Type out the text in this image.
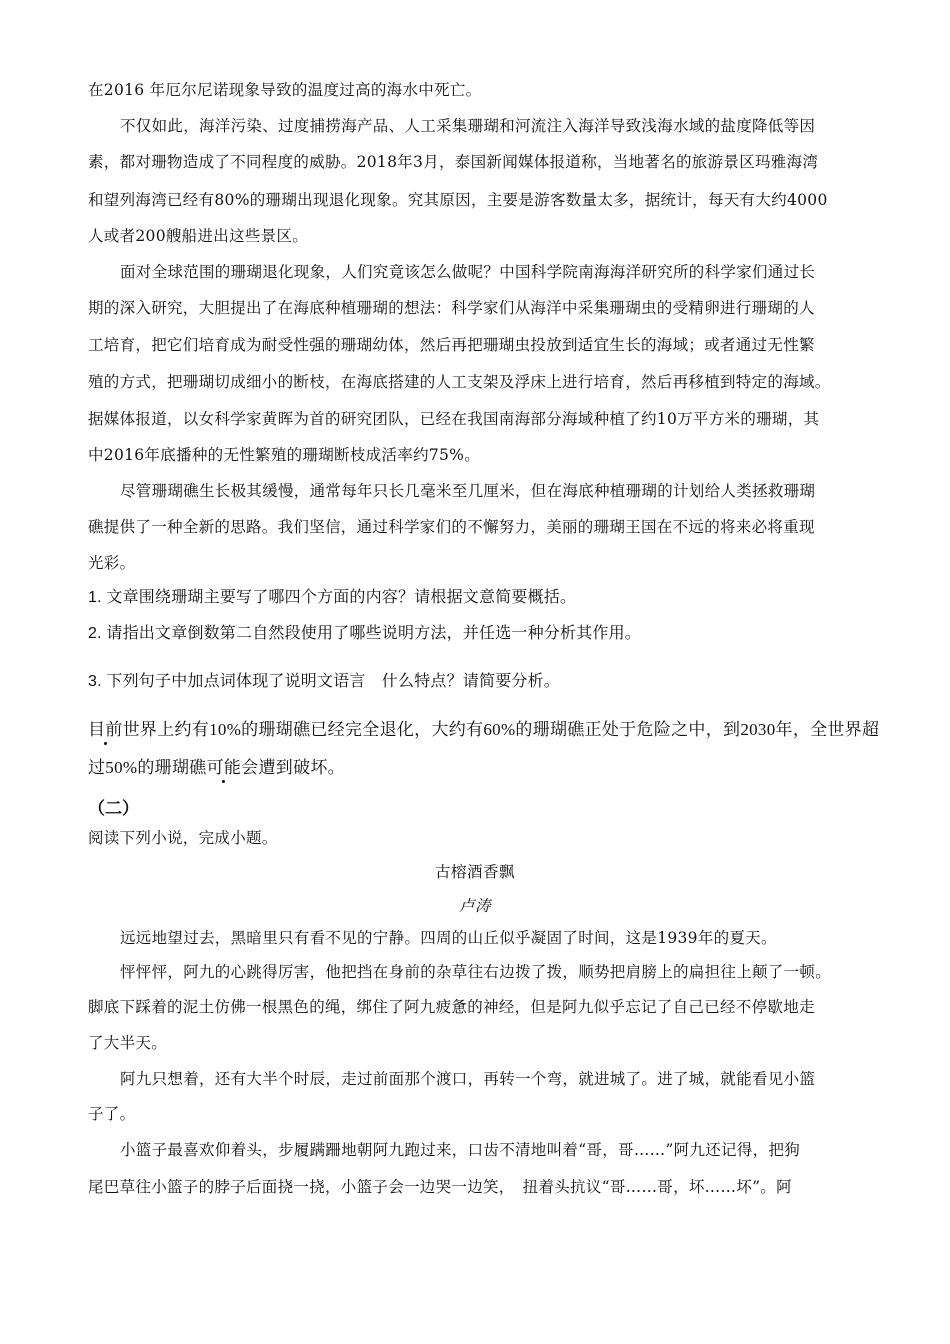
在2016 年厄尔尼诺现象导致的温度过高的海水中死亡。
不仅如此，海洋污染、过度捕捞海产品、人工采集珊瑚和河流注入海洋导致浅海水域的盐度降低等因
素，都对珊物造成了不同程度的威胁。2018年3月，泰国新闻媒体报道称，当地著名的旅游景区玛雅海湾
和望列海湾已经有80%的珊瑚出现退化现象。究其原因，主要是游客数量太多，据统计，每天有大约4000
人或者200艘船进出这些景区。
面对全球范围的珊瑚退化现象，人们究竟该怎么做呢？中国科学院南海海洋研究所的科学家们通过长
期的深入研究，大胆提出了在海底种植珊瑚的想法：科学家们从海洋中采集珊瑚虫的受精卵进行珊瑚的人
工培育，把它们培育成为耐受性强的珊瑚幼体，然后再把珊瑚虫投放到适宜生长的海域；或者通过无性繁
殖的方式，把珊瑚切成细小的断枝，在海底搭建的人工支架及浮床上进行培育，然后再移植到特定的海域。
据媒体报道，以女科学家黄晖为首的研究团队，已经在我国南海部分海域种植了约10万平方米的珊瑚，其
中2016年底播种的无性繁殖的珊瑚断枝成活率约75%。
尽管珊瑚礁生长极其缓慢，通常每年只长几毫米至几厘米，但在海底种植珊瑚的计划给人类拯救珊瑚
礁提供了一种全新的思路。我们坚信，通过科学家们的不懈努力，美丽的珊瑚王国在不远的将来必将重现
光彩。
1. 文章围绕珊瑚主要写了哪四个方面的内容？请根据文意简要概括。
2. 请指出文章倒数第二自然段使用了哪些说明方法，并任选一种分析其作用。
3. 下列句子中加点词体现了说明文语言　什么特点？请简要分析。
目前世界上约有10%的珊瑚礁已经完全退化，大约有60%的珊瑚礁正处于危险之中，到2030年，全世界超
过50%的珊瑚礁可能会遭到破坏。
（二）
阅读下列小说，完成小题。
古榕酒香飘
卢涛
远远地望过去，黑暗里只有看不见的宁静。四周的山丘似乎凝固了时间，这是1939年的夏天。
怦怦怦，阿九的心跳得厉害，他把挡在身前的杂草往右边拨了拨，顺势把肩膀上的扁担往上颠了一顿。
脚底下踩着的泥土仿佛一根黑色的绳，绑住了阿九疲惫的神经，但是阿九似乎忘记了自己已经不停歇地走
了大半天。
阿九只想着，还有大半个时辰，走过前面那个渡口，再转一个弯，就进城了。进了城，就能看见小篮
子了。
小篮子最喜欢仰着头，步履蹒跚地朝阿九跑过来，口齿不清地叫着“哥，哥……”阿九还记得，把狗
尾巴草往小篮子的脖子后面挠一挠，小篮子会一边哭一边笑，　扭着头抗议“哥……哥，坏……坏”。阿
